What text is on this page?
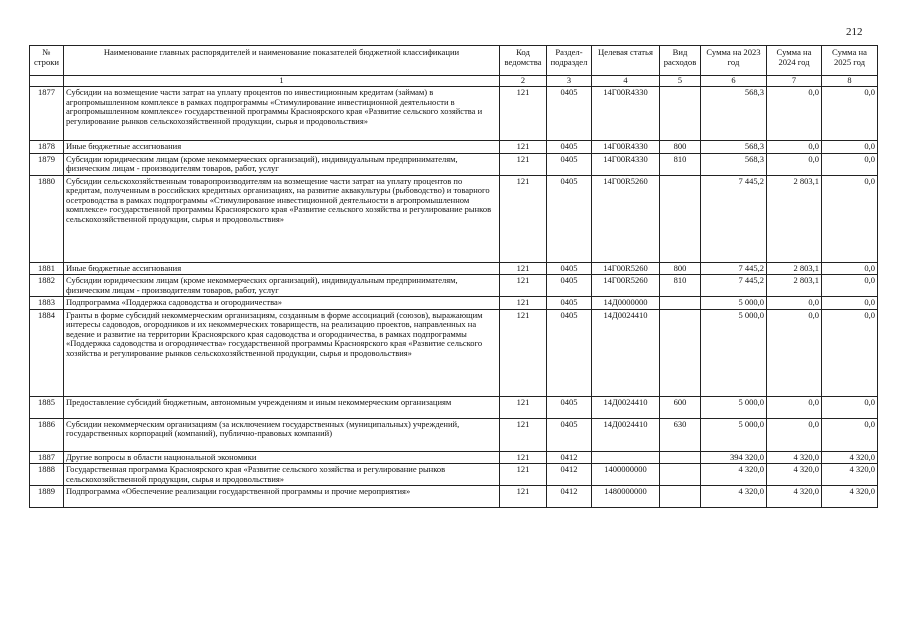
212
№ строки	Наименование главных распорядителей и наименование показателей бюджетной классификации	Код ведомства	Раздел-подраздел	Целевая статья	Вид расходов	Сумма на 2023 год	Сумма на 2024 год	Сумма на 2025 год
	1	2	3	4	5	6	7	8
1877	Субсидии на возмещение части затрат на уплату процентов по инвестиционным кредитам (займам) в агропромышленном комплексе в рамках подпрограммы «Стимулирование инвестиционной деятельности в агропромышленном комплексе» государственной программы Красноярского края «Развитие сельского хозяйства и регулирование рынков сельскохозяйственной продукции, сырья и продовольствия»	121	0405	14Г00R4330		568,3	0,0	0,0
1878	Иные бюджетные ассигнования	121	0405	14Г00R4330	800	568,3	0,0	0,0
1879	Субсидии юридическим лицам (кроме некоммерческих организаций), индивидуальным предпринимателям, физическим лицам - производителям товаров, работ, услуг	121	0405	14Г00R4330	810	568,3	0,0	0,0
1880	Субсидии сельскохозяйственным товаропроизводителям на возмещение части затрат на уплату процентов по кредитам, полученным в российских кредитных организациях, на развитие аквакультуры (рыбоводство) и товарного осетроводства в рамках подпрограммы «Стимулирование инвестиционной деятельности в агропромышленном комплексе» государственной программы Красноярского края «Развитие сельского хозяйства и регулирование рынков сельскохозяйственной продукции, сырья и продовольствия»	121	0405	14Г00R5260		7 445,2	2 803,1	0,0
1881	Иные бюджетные ассигнования	121	0405	14Г00R5260	800	7 445,2	2 803,1	0,0
1882	Субсидии юридическим лицам (кроме некоммерческих организаций), индивидуальным предпринимателям, физическим лицам - производителям товаров, работ, услуг	121	0405	14Г00R5260	810	7 445,2	2 803,1	0,0
1883	Подпрограмма «Поддержка садоводства и огородничества»	121	0405	14Д0000000		5 000,0	0,0	0,0
1884	Гранты в форме субсидий некоммерческим организациям, созданным в форме ассоциаций (союзов), выражающим интересы садоводов, огородников и их некоммерческих товариществ, на реализацию проектов, направленных на ведение и развитие на территории Красноярского края садоводства и огородничества, в рамках подпрограммы «Поддержка садоводства и огородничества» государственной программы Красноярского края «Развитие сельского хозяйства и регулирование рынков сельскохозяйственной продукции, сырья и продовольствия»	121	0405	14Д0024410		5 000,0	0,0	0,0
1885	Предоставление субсидий бюджетным, автономным учреждениям и иным некоммерческим организациям	121	0405	14Д0024410	600	5 000,0	0,0	0,0
1886	Субсидии некоммерческим организациям (за исключением государственных (муниципальных) учреждений, государственных корпораций (компаний), публично-правовых компаний)	121	0405	14Д0024410	630	5 000,0	0,0	0,0
1887	Другие вопросы в области национальной экономики	121	0412			394 320,0	4 320,0	4 320,0
1888	Государственная программа Красноярского края «Развитие сельского хозяйства и регулирование рынков сельскохозяйственной продукции, сырья и продовольствия»	121	0412	1400000000		4 320,0	4 320,0	4 320,0
1889	Подпрограмма «Обеспечение реализации государственной программы и прочие мероприятия»	121	0412	1480000000		4 320,0	4 320,0	4 320,0
